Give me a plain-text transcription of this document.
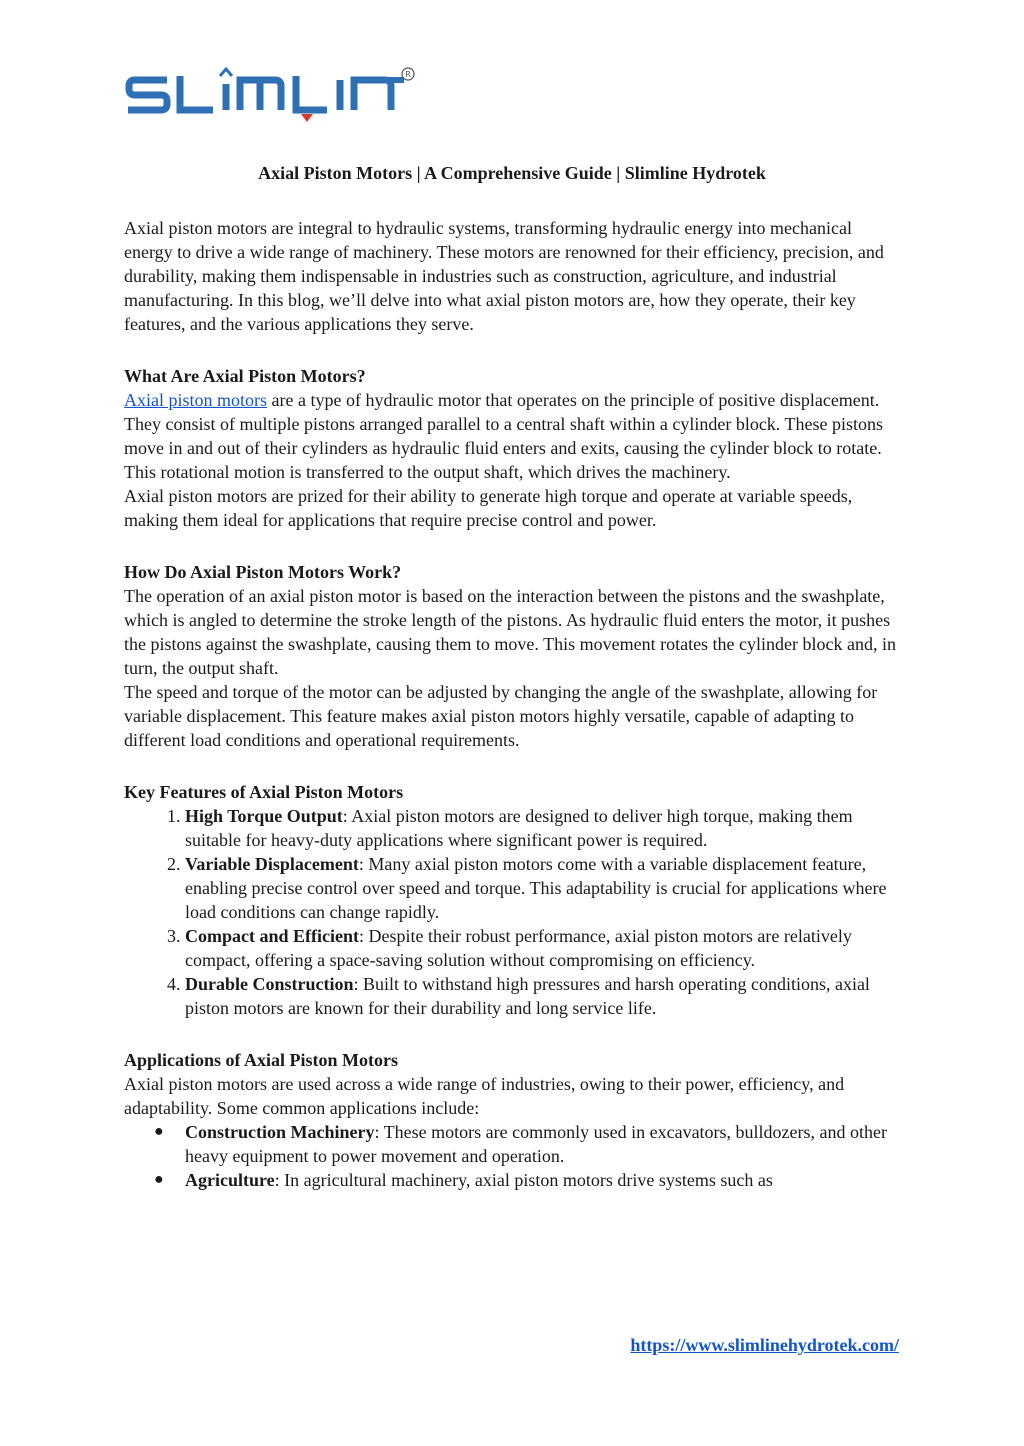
R
Axial Piston Motors | A Comprehensive Guide | Slimline Hydrotek

Axial piston motors are integral to hydraulic systems, transforming hydraulic energy into mechanical energy to drive a wide range of machinery. These motors are renowned for their efficiency, precision, and durability, making them indispensable in industries such as construction, agriculture, and industrial manufacturing. In this blog, we’ll delve into what axial piston motors are, how they operate, their key features, and the various applications they serve.

What Are Axial Piston Motors?

Axial piston motors are a type of hydraulic motor that operates on the principle of positive displacement. They consist of multiple pistons arranged parallel to a central shaft within a cylinder block. These pistons move in and out of their cylinders as hydraulic fluid enters and exits, causing the cylinder block to rotate. This rotational motion is transferred to the output shaft, which drives the machinery.

Axial piston motors are prized for their ability to generate high torque and operate at variable speeds, making them ideal for applications that require precise control and power.

How Do Axial Piston Motors Work?

The operation of an axial piston motor is based on the interaction between the pistons and the swashplate, which is angled to determine the stroke length of the pistons. As hydraulic fluid enters the motor, it pushes the pistons against the swashplate, causing them to move. This movement rotates the cylinder block and, in turn, the output shaft.

The speed and torque of the motor can be adjusted by changing the angle of the swashplate, allowing for variable displacement. This feature makes axial piston motors highly versatile, capable of adapting to different load conditions and operational requirements.

Key Features of Axial Piston Motors
1. High Torque Output: Axial piston motors are designed to deliver high torque, making them suitable for heavy-duty applications where significant power is required.
2. Variable Displacement: Many axial piston motors come with a variable displacement feature, enabling precise control over speed and torque. This adaptability is crucial for applications where load conditions can change rapidly.
3. Compact and Efficient: Despite their robust performance, axial piston motors are relatively compact, offering a space-saving solution without compromising on efficiency.
4. Durable Construction: Built to withstand high pressures and harsh operating conditions, axial piston motors are known for their durability and long service life.
Applications of Axial Piston Motors

Axial piston motors are used across a wide range of industries, owing to their power, efficiency, and adaptability. Some common applications include:

● Construction Machinery: These motors are commonly used in excavators, bulldozers, and other heavy equipment to power movement and operation.
● Agriculture: In agricultural machinery, axial piston motors drive systems such as
https://www.slimlinehydrotek.com/
